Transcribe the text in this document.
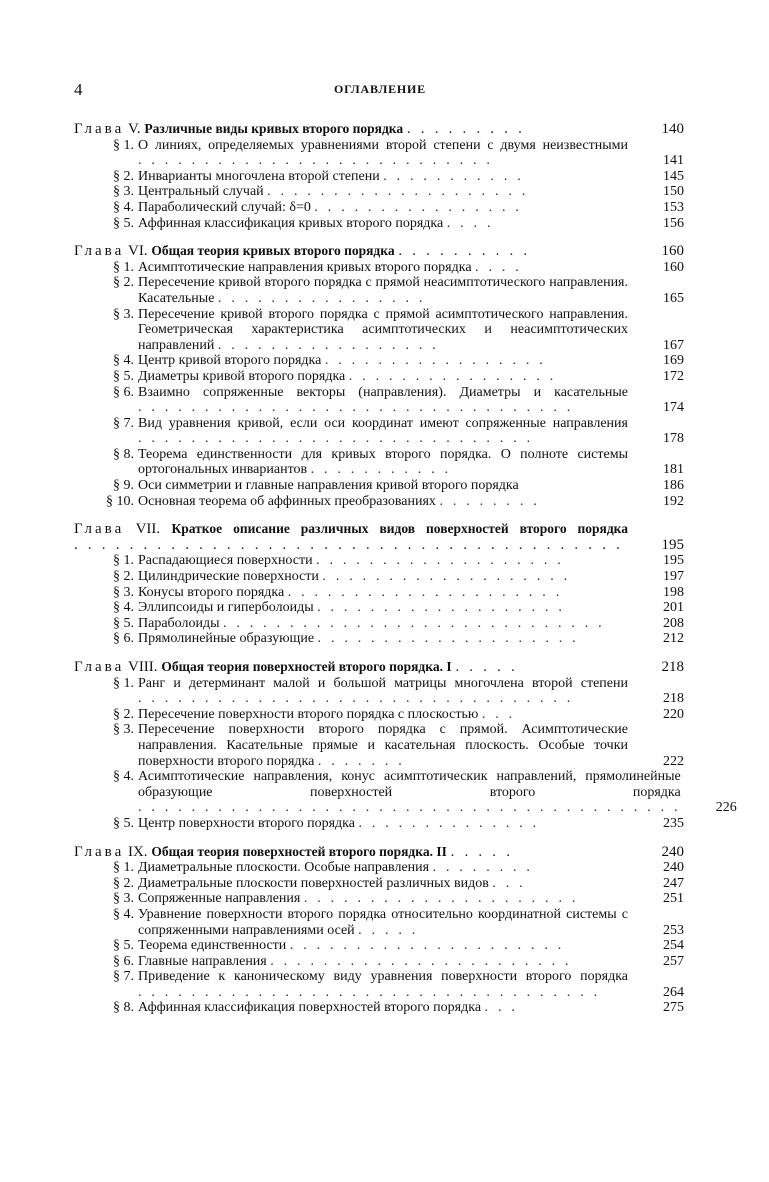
4	ОГЛАВЛЕНИЕ
Глава V. Различные виды кривых второго порядка . . . . . . . . .	140
§ 1. О линиях, определяемых уравнениями второй степени с двумя неизвестными . . . . . . . . . . . . . . . . . . . . . . . . . . .	141
§ 2. Инварианты многочлена второй степени . . . . . . . . . . .	145
§ 3. Центральный случай . . . . . . . . . . . . . . . . . . . .	150
§ 4. Параболический случай: δ=0 . . . . . . . . . . . . . . . .	153
§ 5. Аффинная классификация кривых второго порядка . . . .	156
Глава VI. Общая теория кривых второго порядка . . . . . . . . . .	160
§ 1. Асимптотические направления кривых второго порядка . . . .	160
§ 2. Пересечение кривой второго порядка с прямой неасимптотического направления. Касательные . . . . . . . . . . . . . . . .	165
§ 3. Пересечение кривой второго порядка с прямой асимптотического направления. Геометрическая характеристика асимптотических и неасимптотических направлений . . . . . . . . . . . . . . . . .	167
§ 4. Центр кривой второго порядка . . . . . . . . . . . . . . . . .	169
§ 5. Диаметры кривой второго порядка . . . . . . . . . . . . . . . .	172
§ 6. Взаимно сопряженные векторы (направления). Диаметры и касательные . . . . . . . . . . . . . . . . . . . . . . . . . . . . . . . . .	174
§ 7. Вид уравнения кривой, если оси координат имеют сопряженные направления . . . . . . . . . . . . . . . . . . . . . . . . . . . . . .	178
§ 8. Теорема единственности для кривых второго порядка. О полноте системы ортогональных инвариантов . . . . . . . . . . .	181
§ 9. Оси симметрии и главные направления кривой второго порядка	186
§ 10. Основная теорема об аффинных преобразованиях . . . . . . . .	192
Глава VII. Краткое описание различных видов поверхностей второго порядка . . . . . . . . . . . . . . . . . . . . . . . . . . . . . . . . . . . . . . . .	195
§ 1. Распадающиеся поверхности . . . . . . . . . . . . . . . . . . .	195
§ 2. Цилиндрические поверхности . . . . . . . . . . . . . . . . . . .	197
§ 3. Конусы второго порядка . . . . . . . . . . . . . . . . . . . . .	198
§ 4. Эллипсоиды и гиперболоиды . . . . . . . . . . . . . . . . . . .	201
§ 5. Параболоиды . . . . . . . . . . . . . . . . . . . . . . . . . . . . .	208
§ 6. Прямолинейные образующие . . . . . . . . . . . . . . . . . . . .	212
Глава VIII. Общая теория поверхностей второго порядка. I . . . . .	218
§ 1. Ранг и детерминант малой и большой матрицы многочлена второй степени . . . . . . . . . . . . . . . . . . . . . . . . . . . . . . . . .	218
§ 2. Пересечение поверхности второго порядка с плоскостью . . .	220
§ 3. Пересечение поверхности второго порядка с прямой. Асимптотические направления. Касательные прямые и касательная плоскость. Особые точки поверхности второго порядка . . . . . . .	222
§ 4. Асимптотические направления, конус асимптотическик направлений, прямолинейные образующие поверхностей второго порядка . . . . . . . . . . . . . . . . . . . . . . . . . . . . . . . . . . . . . . . . .	226
§ 5. Центр поверхности второго порядка . . . . . . . . . . . . . .	235
Глава IX. Общая теория поверхностей второго порядка. II . . . . .	240
§ 1. Диаметральные плоскости. Особые направления . . . . . . . .	240
§ 2. Диаметральные плоскости поверхностей различных видов . . .	247
§ 3. Сопряженные направления . . . . . . . . . . . . . . . . . . . . .	251
§ 4. Уравнение поверхности второго порядка относительно координатной системы с сопряженными направлениями осей . . . . .	253
§ 5. Теорема единственности . . . . . . . . . . . . . . . . . . . . .	254
§ 6. Главные направления . . . . . . . . . . . . . . . . . . . . . . .	257
§ 7. Приведение к каноническому виду уравнения поверхности второго порядка . . . . . . . . . . . . . . . . . . . . . . . . . . . . . . . . . . .	264
§ 8. Аффинная классификация поверхностей второго порядка . . .	275
